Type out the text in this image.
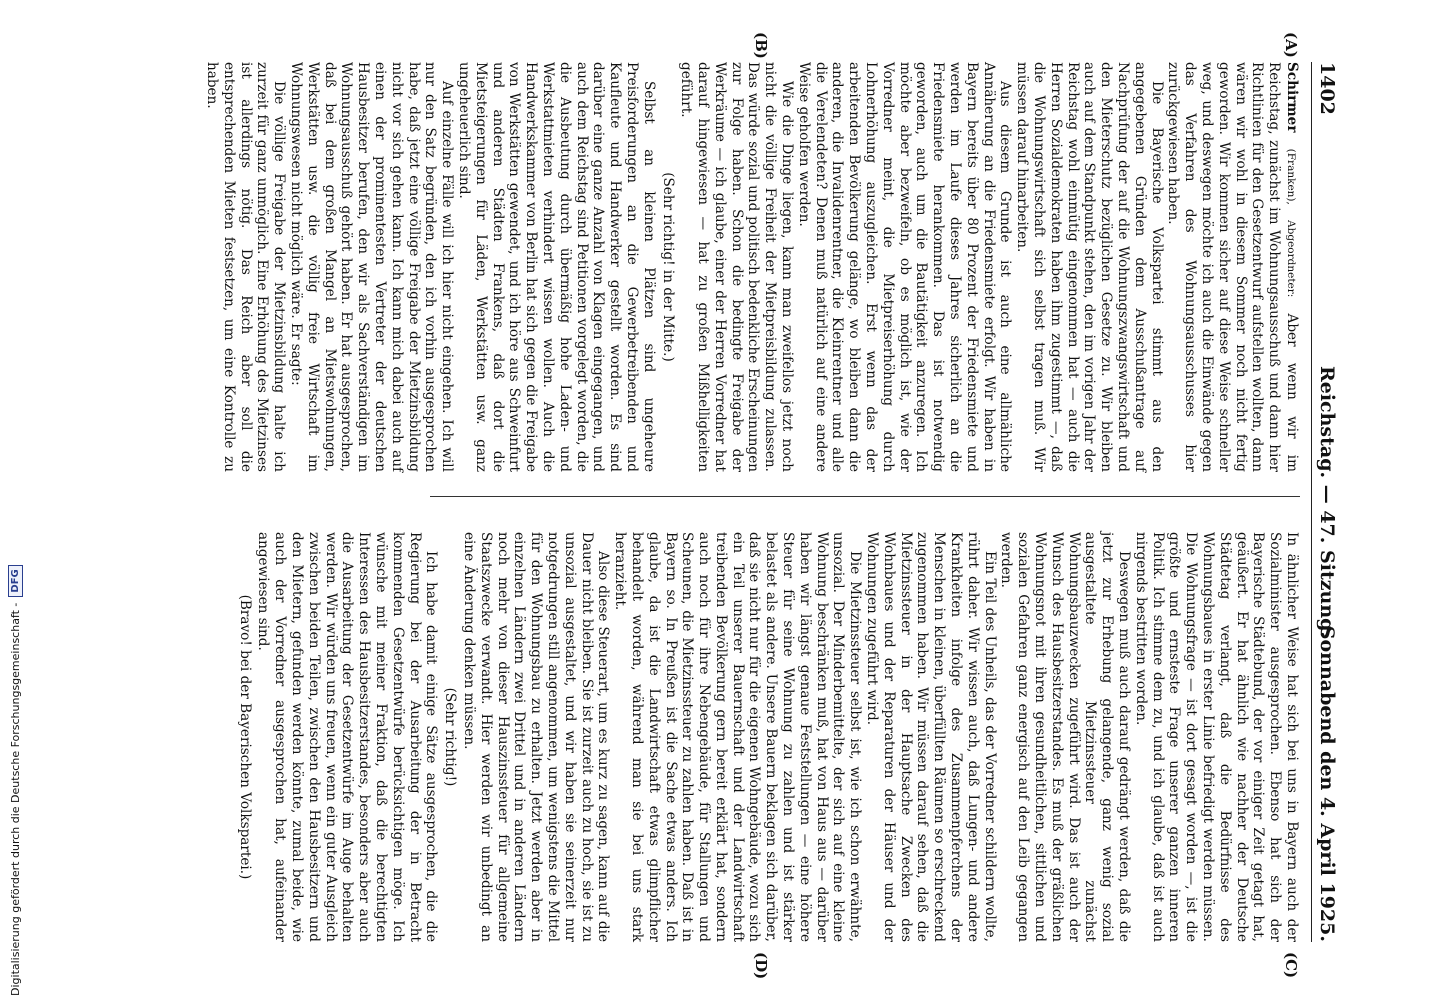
1402
Reichstag. — 47. Sitzung.
Sonnabend den 4. April 1925.
(A)
(B)
(C)
(D)

Schirmer (Franken), Abgeordneter: Aber wenn wir im Reichstag, zunächst im Wohnungsausschuß und dann hier Richtlinien für den Gesetzentwurf aufstellen wollten, dann wären wir wohl in diesem Sommer noch nicht fertig geworden. Wir kommen sicher auf diese Weise schneller weg, und deswegen möchte ich auch die Einwände gegen das Verfahren des Wohnungsausschusses hier zurückgewiesen haben.

Die Bayerische Volkspartei stimmt aus den angegebenen Gründen dem Ausschußantrage auf Nachprüfung der auf die Wohnungszwangswirtschaft und den Mieterschutz bezüglichen Gesetze zu. Wir bleiben auch auf dem Standpunkt stehen, den im vorigen Jahr der Reichstag wohl einmütig eingenommen hat — auch die Herren Sozialdemokraten haben ihm zugestimmt —, daß die Wohnungswirtschaft sich selbst tragen muß. Wir müssen darauf hinarbeiten.

Aus diesem Grunde ist auch eine allmähliche Annäherung an die Friedensmiete erfolgt. Wir haben in Bayern bereits über 80 Prozent der Friedensmiete und werden im Laufe dieses Jahres sicherlich an die Friedensmiete herankommen. Das ist notwendig geworden, auch um die Bautätigkeit anzuregen. Ich möchte aber bezweifeln, ob es möglich ist, wie der Vorredner meint, die Mietpreiserhöhung durch Lohnerhöhung auszugleichen. Erst wenn das der arbeitenden Bevölkerung gelänge, wo bleiben dann die anderen, die Invalidenrentner, die Kleinrentner und alle die Verelendeten? Denen muß natürlich auf eine andere Weise geholfen werden.

Wie die Dinge liegen, kann man zweifellos jetzt noch nicht die völlige Freiheit der Mietpreisbildung zulassen. Das würde sozial und politisch bedenkliche Erscheinungen zur Folge haben. Schon die bedingte Freigabe der Werkräume — ich glaube, einer der Herren Vorredner hat darauf hingewiesen — hat zu großen Mißhelligkeiten geführt.

(Sehr richtig! in der Mitte.)

Selbst an kleinen Plätzen sind ungeheure Preisforderungen an die Gewerbetreibenden und Kaufleute und Handwerker gestellt worden. Es sind darüber eine ganze Anzahl von Klagen eingegangen, und auch dem Reichstag sind Petitionen vorgelegt worden, die die Ausbeutung durch übermäßig hohe Laden- und Werkstattmieten verhindert wissen wollen. Auch die Handwerkskammer von Berlin hat sich gegen die Freigabe von Werkstätten gewendet, und ich höre aus Schweinfurt und anderen Städten Frankens, daß dort die Mietsteigerungen für Läden, Werkstätten usw. ganz ungeheuerlich sind.

Auf einzelne Fälle will ich hier nicht eingehen. Ich will nur den Satz begründen, den ich vorhin ausgesprochen habe, daß jetzt eine völlige Freigabe der Mietzinsbildung nicht vor sich gehen kann. Ich kann mich dabei auch auf einen der prominentesten Vertreter der deutschen Hausbesitzer berufen, den wir als Sachverständigen im Wohnungsausschuß gehört haben. Er hat ausgesprochen, daß bei dem großen Mangel an Mietswohnungen, Werkstätten usw. die völlig freie Wirtschaft im Wohnungswesen nicht möglich wäre. Er sagte:

Die völlige Freigabe der Mietzinsbildung halte ich zurzeit für ganz unmöglich. Eine Erhöhung des Mietzinses ist allerdings nötig. Das Reich aber soll die entsprechenden Mieten festsetzen, um eine Kontrolle zu haben.

In ähnlicher Weise hat sich bei uns in Bayern auch der Sozialminister ausgesprochen. Ebenso hat sich der Bayerische Städtebund, der vor einiger Zeit getagt hat, geäußert. Er hat ähnlich wie nachher der Deutsche Städtetag verlangt, daß die Bedürfnisse des Wohnungsbaues in erster Linie befriedigt werden müssen. Die Wohnungsfrage — ist dort gesagt worden —, ist die größte und ernsteste Frage unserer ganzen inneren Politik. Ich stimme dem zu, und ich glaube, daß ist auch nirgends bestritten worden.

Deswegen muß auch darauf gedrängt werden, daß die jetzt zur Erhebung gelangende, ganz wenig sozial ausgestaltete Mietzinssteuer zunächst Wohnungsbauzwecken zugeführt wird. Das ist auch der Wunsch des Hausbesitzerstandes. Es muß der gräßlichen Wohnungsnot mit ihren gesundheitlichen, sittlichen und sozialen Gefahren ganz energisch auf den Leib gegangen werden.

Ein Teil des Unheils, das der Vorredner schildern wollte, rührt daher. Wir wissen auch, daß Lungen- und andere Krankheiten infolge des Zusammenpferchens der Menschen in kleinen, überfüllten Räumen so erschreckend zugenommen haben. Wir müssen darauf sehen, daß die Mietzinssteuer in der Hauptsache Zwecken des Wohnbaues und der Reparaturen der Häuser und der Wohnungen zugeführt wird.

Die Mietzinssteuer selbst ist, wie ich schon erwähnte, unsozial. Der Minderbemittelte, der sich auf eine kleine Wohnung beschränken muß, hat von Haus aus — darüber haben wir längst genaue Feststellungen — eine höhere Steuer für seine Wohnung zu zahlen und ist stärker belastet als andere. Unsere Bauern beklagen sich darüber, daß sie nicht nur für die eigenen Wohngebäude, wozu sich ein Teil unserer Bauernschaft und der Landwirtschaft treibenden Bevölkerung gern bereit erklärt hat, sondern auch noch für ihre Nebengebäude, für Stallungen und Scheunen, die Mietzinssteuer zu zahlen haben. Daß ist in Bayern so. In Preußen ist die Sache etwas anders. Ich glaube, da ist die Landwirtschaft etwas glimpflicher behandelt worden, während man sie bei uns stark heranzieht.

Also diese Steuerart, um es kurz zu sagen, kann auf die Dauer nicht bleiben. Sie ist zurzeit auch zu hoch, sie ist zu unsozial ausgestaltet, und wir haben sie seinerzeit nur notgedrungen still angenommen, um wenigstens die Mittel für den Wohnungsbau zu erhalten. Jetzt werden aber in einzelnen Ländern zwei Drittel und in anderen Ländern noch mehr von dieser Hauszinssteuer für allgemeine Staatszwecke verwandt. Hier werden wir unbedingt an eine Änderung denken müssen.

(Sehr richtig!)

Ich habe damit einige Sätze ausgesprochen, die die Regierung bei der Ausarbeitung der in Betracht kommenden Gesetzentwürfe berücksichtigen möge. Ich wünsche mit meiner Fraktion, daß die berechtigten Interessen des Hausbesitzerstandes, besonders aber auch die Ausarbeitung der Gesetzentwürfe im Auge behalten werden. Wir würden uns freuen, wenn ein guter Ausgleich zwischen beiden Teilen, zwischen den Hausbesitzern und den Mietern, gefunden werden könnte, zumal beide, wie auch der Vorredner ausgesprochen hat, aufeinander angewiesen sind.

(Bravo! bei der Bayerischen Volkspartei.)

Digitalisierung gefördert durch die Deutsche Forschungsgemeinschaft -
DFG
